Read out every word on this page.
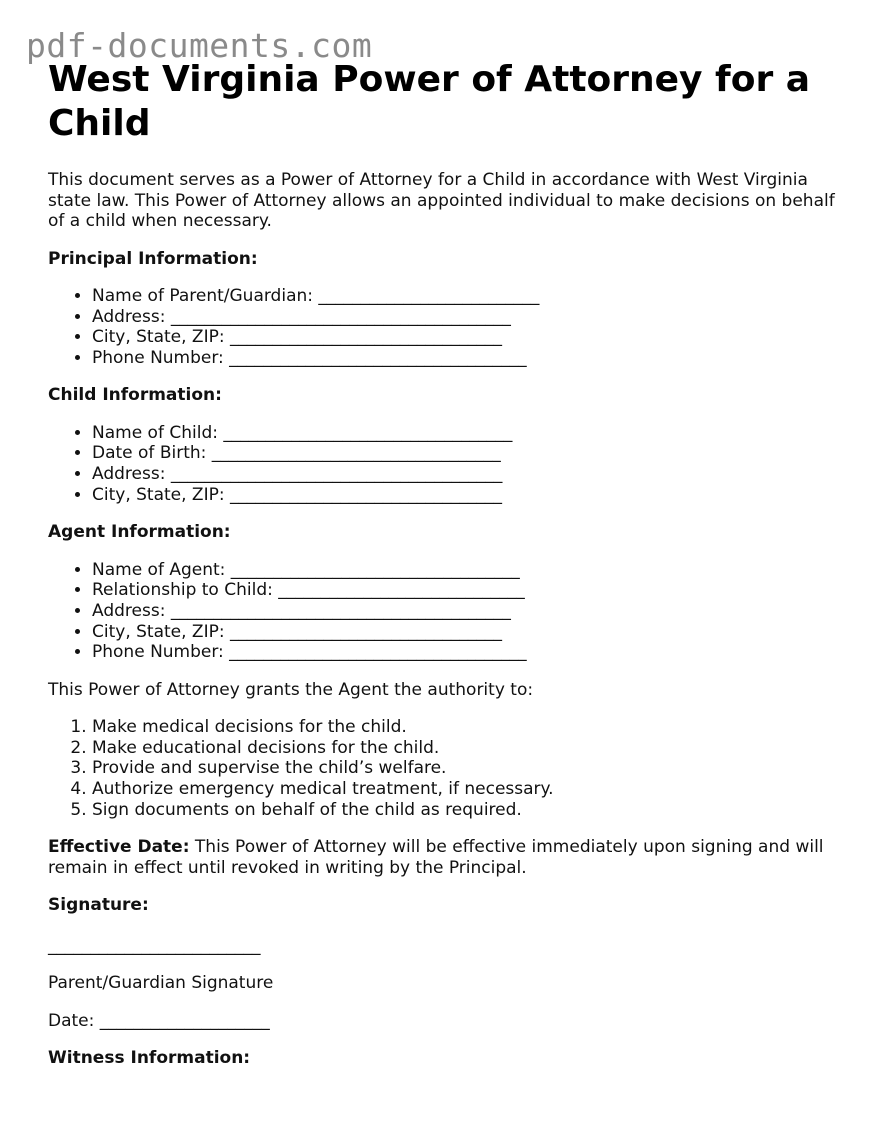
pdf-documents.com
West Virginia Power of Attorney for a Child

This document serves as a Power of Attorney for a Child in accordance with West Virginia state law. This Power of Attorney allows an appointed individual to make decisions on behalf of a child when necessary.

Principal Information:

• Name of Parent/Guardian: __________________________
• Address: ________________________________________
• City, State, ZIP: ________________________________
• Phone Number: ___________________________________

Child Information:

• Name of Child: __________________________________
• Date of Birth: __________________________________
• Address: _______________________________________
• City, State, ZIP: ________________________________

Agent Information:

• Name of Agent: __________________________________
• Relationship to Child: _____________________________
• Address: ________________________________________
• City, State, ZIP: ________________________________
• Phone Number: ___________________________________

This Power of Attorney grants the Agent the authority to:

1. Make medical decisions for the child.
2. Make educational decisions for the child.
3. Provide and supervise the child’s welfare.
4. Authorize emergency medical treatment, if necessary.
5. Sign documents on behalf of the child as required.

Effective Date: This Power of Attorney will be effective immediately upon signing and will remain in effect until revoked in writing by the Principal.

Signature:

_________________________

Parent/Guardian Signature

Date: ____________________

Witness Information:
